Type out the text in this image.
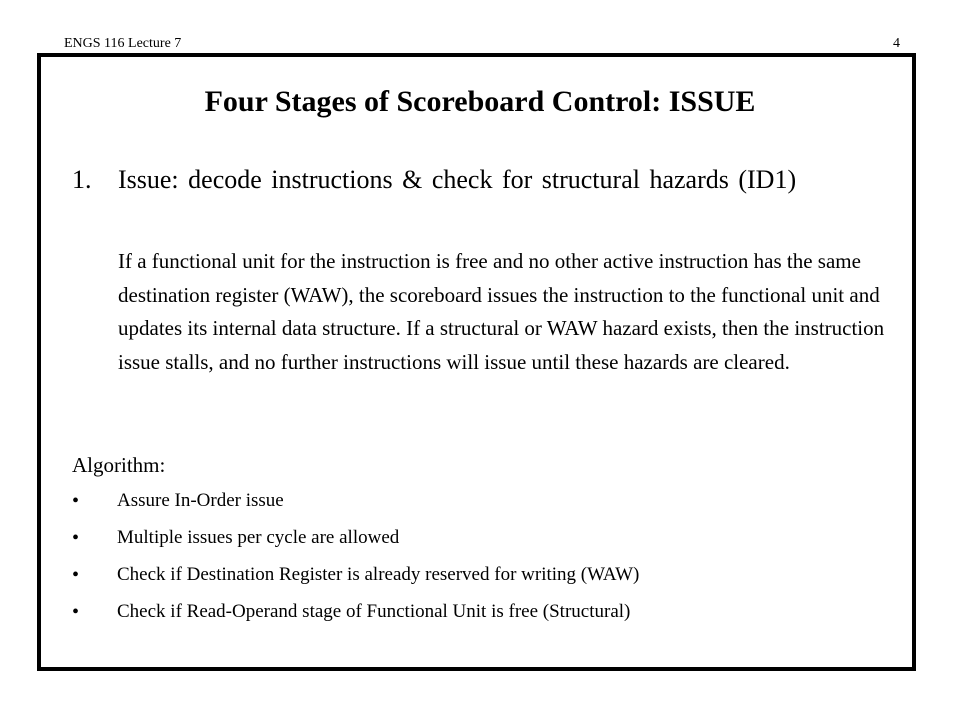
ENGS 116 Lecture 7	4
Four Stages of Scoreboard Control: ISSUE
1. Issue: decode instructions & check for structural hazards (ID1)
If a functional unit for the instruction is free and no other active instruction has the same destination register (WAW), the scoreboard issues the instruction to the functional unit and updates its internal data structure. If a structural or WAW hazard exists, then the instruction issue stalls, and no further instructions will issue until these hazards are cleared.
Algorithm:
• Assure In-Order issue
• Multiple issues per cycle are allowed
• Check if Destination Register is already reserved for writing (WAW)
• Check if Read-Operand stage of Functional Unit is free (Structural)
